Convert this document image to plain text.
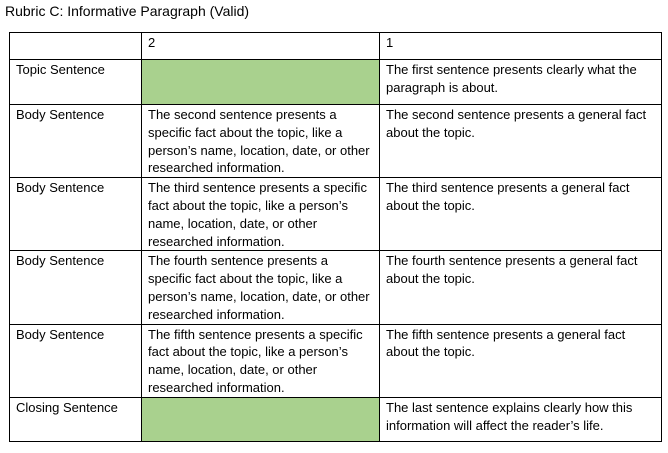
Rubric C: Informative Paragraph (Valid)
	2	1
Topic Sentence		The first sentence presents clearly what the paragraph is about.
Body Sentence	The second sentence presents a specific fact about the topic, like a person’s name, location, date, or other researched information.	The second sentence presents a general fact about the topic.
Body Sentence	The third sentence presents a specific fact about the topic, like a person’s name, location, date, or other researched information.	The third sentence presents a general fact about the topic.
Body Sentence	The fourth sentence presents a specific fact about the topic, like a person’s name, location, date, or other researched information.	The fourth sentence presents a general fact about the topic.
Body Sentence	The fifth sentence presents a specific fact about the topic, like a person’s name, location, date, or other researched information.	The fifth sentence presents a general fact about the topic.
Closing Sentence		The last sentence explains clearly how this information will affect the reader’s life.
